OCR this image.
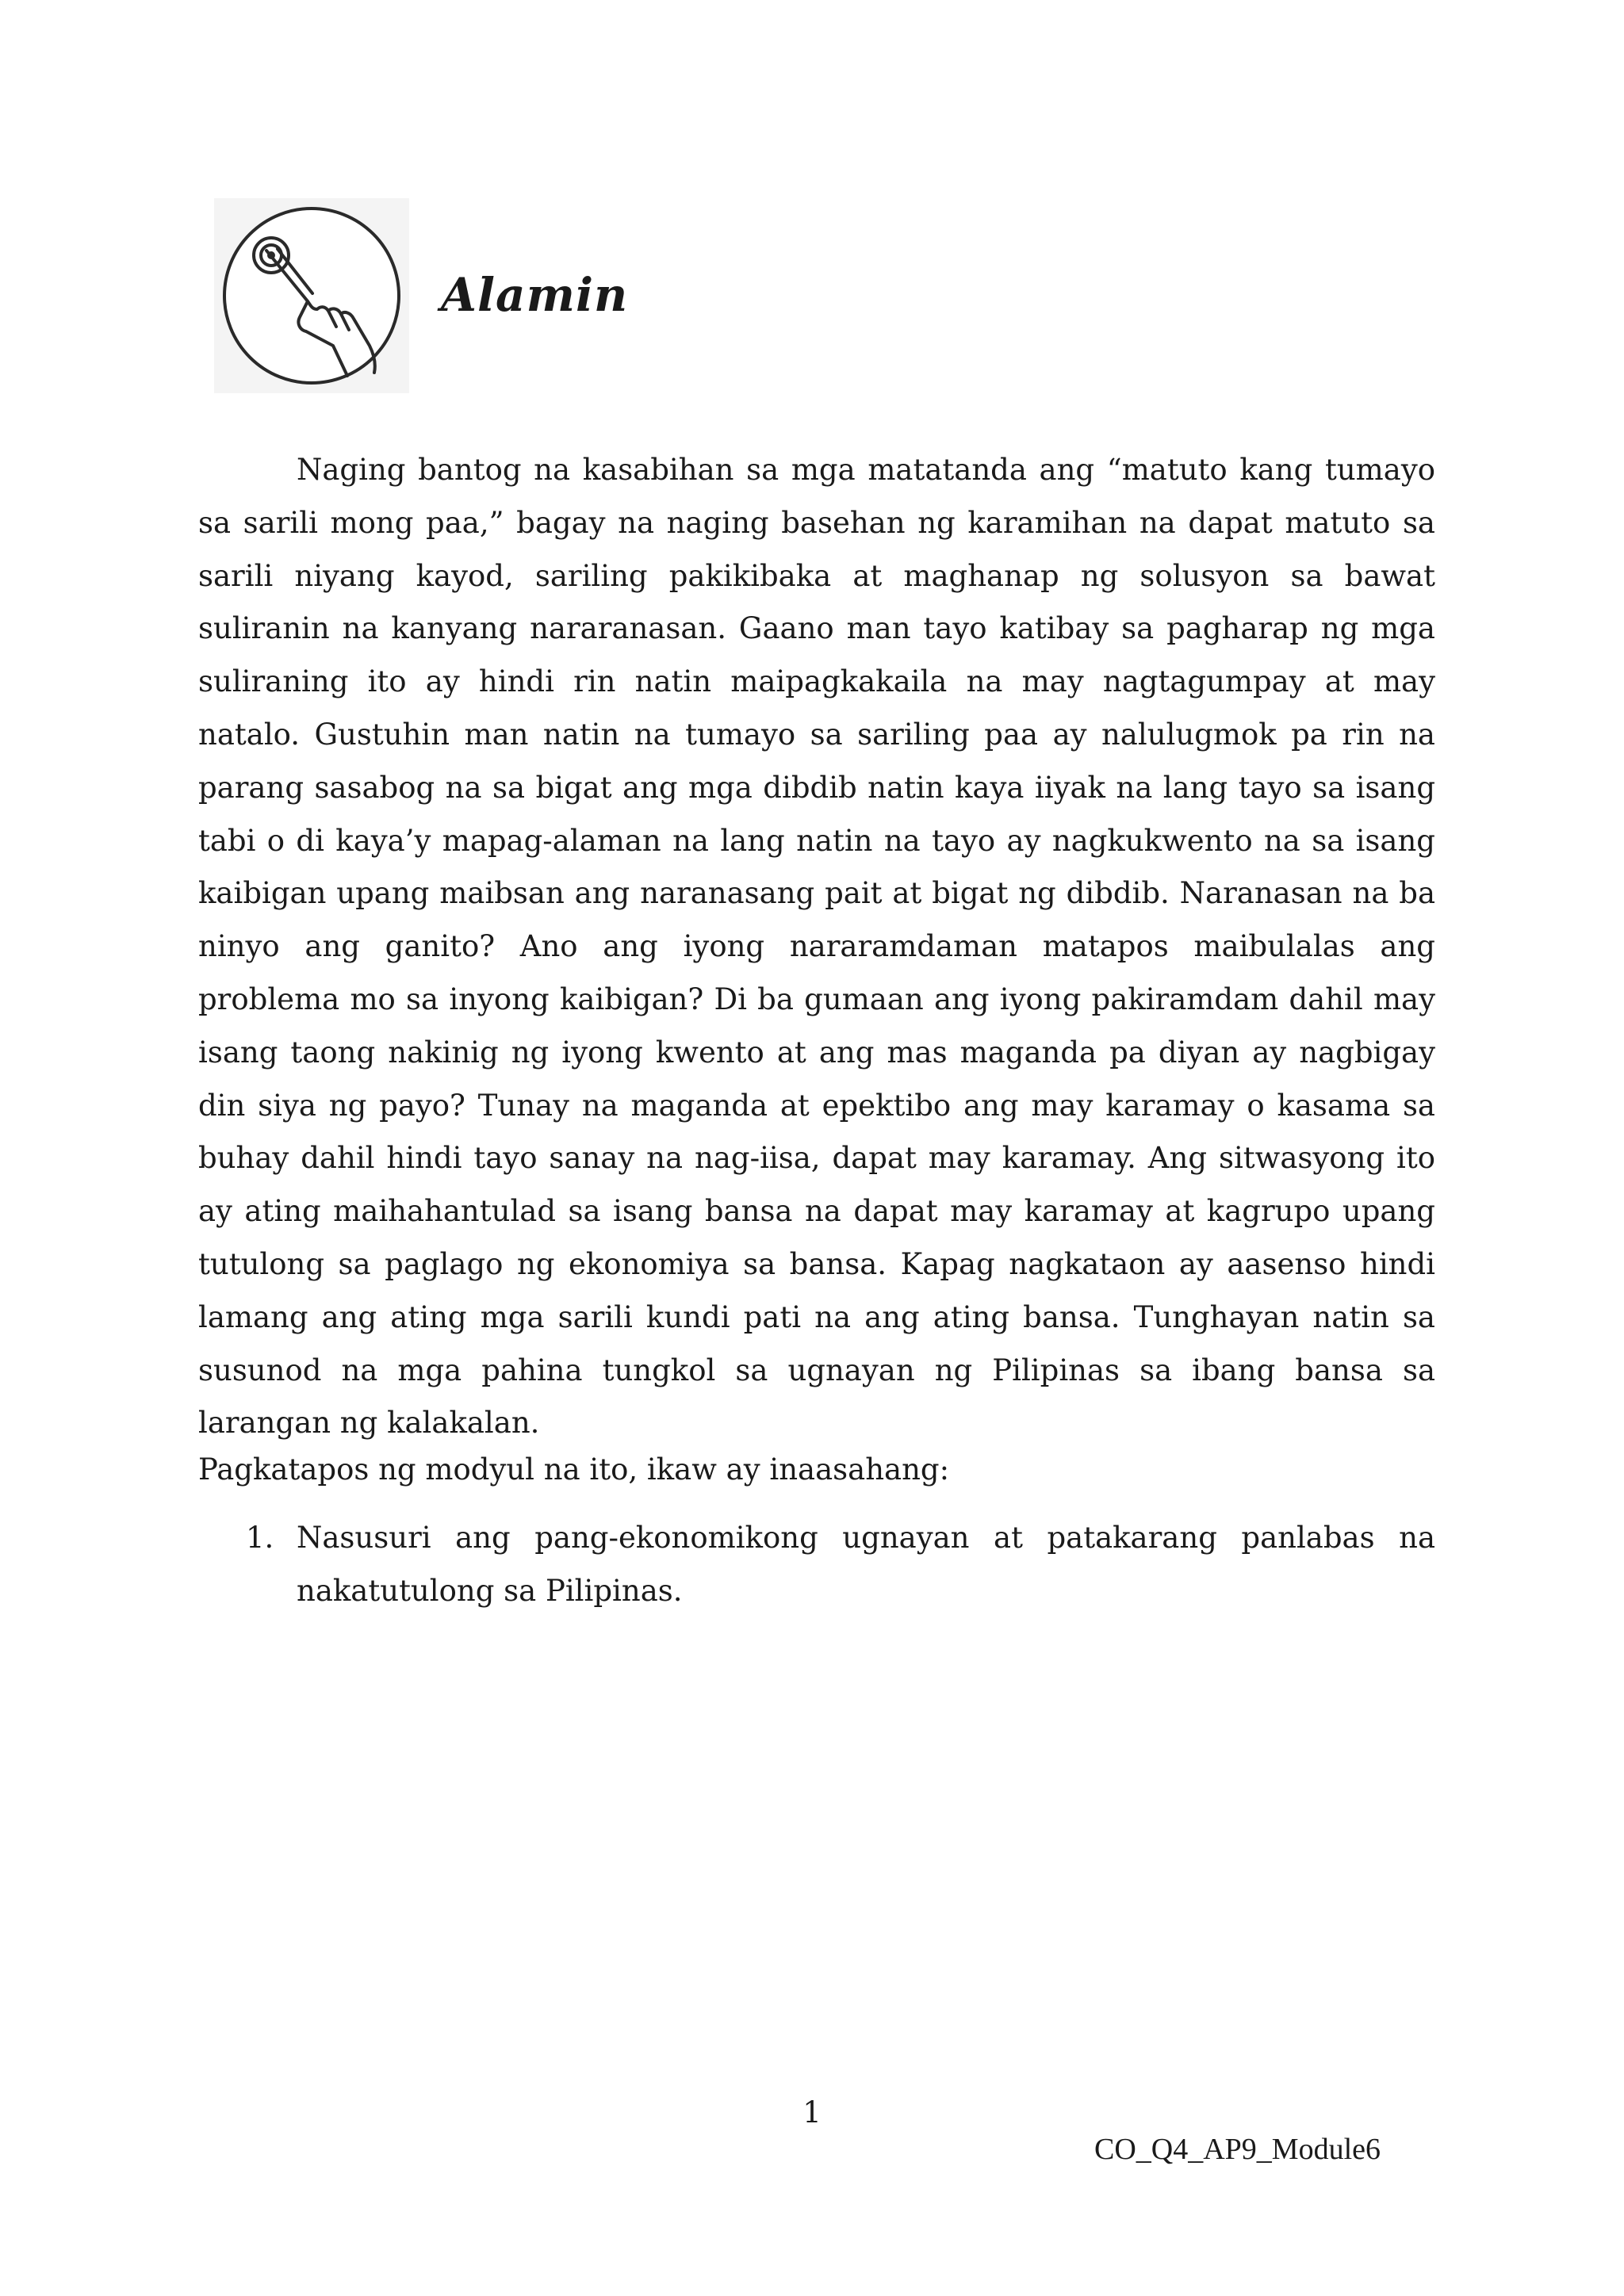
Alamin

Naging bantog na kasabihan sa mga matatanda ang “matuto kang tumayo sa sarili mong paa,” bagay na naging basehan ng karamihan na dapat matuto sa sarili niyang kayod, sariling pakikibaka at maghanap ng solusyon sa bawat suliranin na kanyang nararanasan. Gaano man tayo katibay sa pagharap ng mga suliraning ito ay hindi rin natin maipagkakaila na may nagtagumpay at may natalo. Gustuhin man natin na tumayo sa sariling paa ay nalulugmok pa rin na parang sasabog na sa bigat ang mga dibdib natin kaya iiyak na lang tayo sa isang tabi o di kaya’y mapag-alaman na lang natin na tayo ay nagkukwento na sa isang kaibigan upang maibsan ang naranasang pait at bigat ng dibdib. Naranasan na ba ninyo ang ganito? Ano ang iyong nararamdaman matapos maibulalas ang problema mo sa inyong kaibigan? Di ba gumaan ang iyong pakiramdam dahil may isang taong nakinig ng iyong kwento at ang mas maganda pa diyan ay nagbigay din siya ng payo? Tunay na maganda at epektibo ang may karamay o kasama sa buhay dahil hindi tayo sanay na nag-iisa, dapat may karamay. Ang sitwasyong ito ay ating maihahantulad sa isang bansa na dapat may karamay at kagrupo upang tutulong sa paglago ng ekonomiya sa bansa. Kapag nagkataon ay aasenso hindi lamang ang ating mga sarili kundi pati na ang ating bansa. Tunghayan natin sa susunod na mga pahina tungkol sa ugnayan ng Pilipinas sa ibang bansa sa larangan ng kalakalan.

Pagkatapos ng modyul na ito, ikaw ay inaasahang:

1. Nasusuri ang pang-ekonomikong ugnayan at patakarang panlabas na nakatutulong sa Pilipinas.
1
CO_Q4_AP9_Module6
